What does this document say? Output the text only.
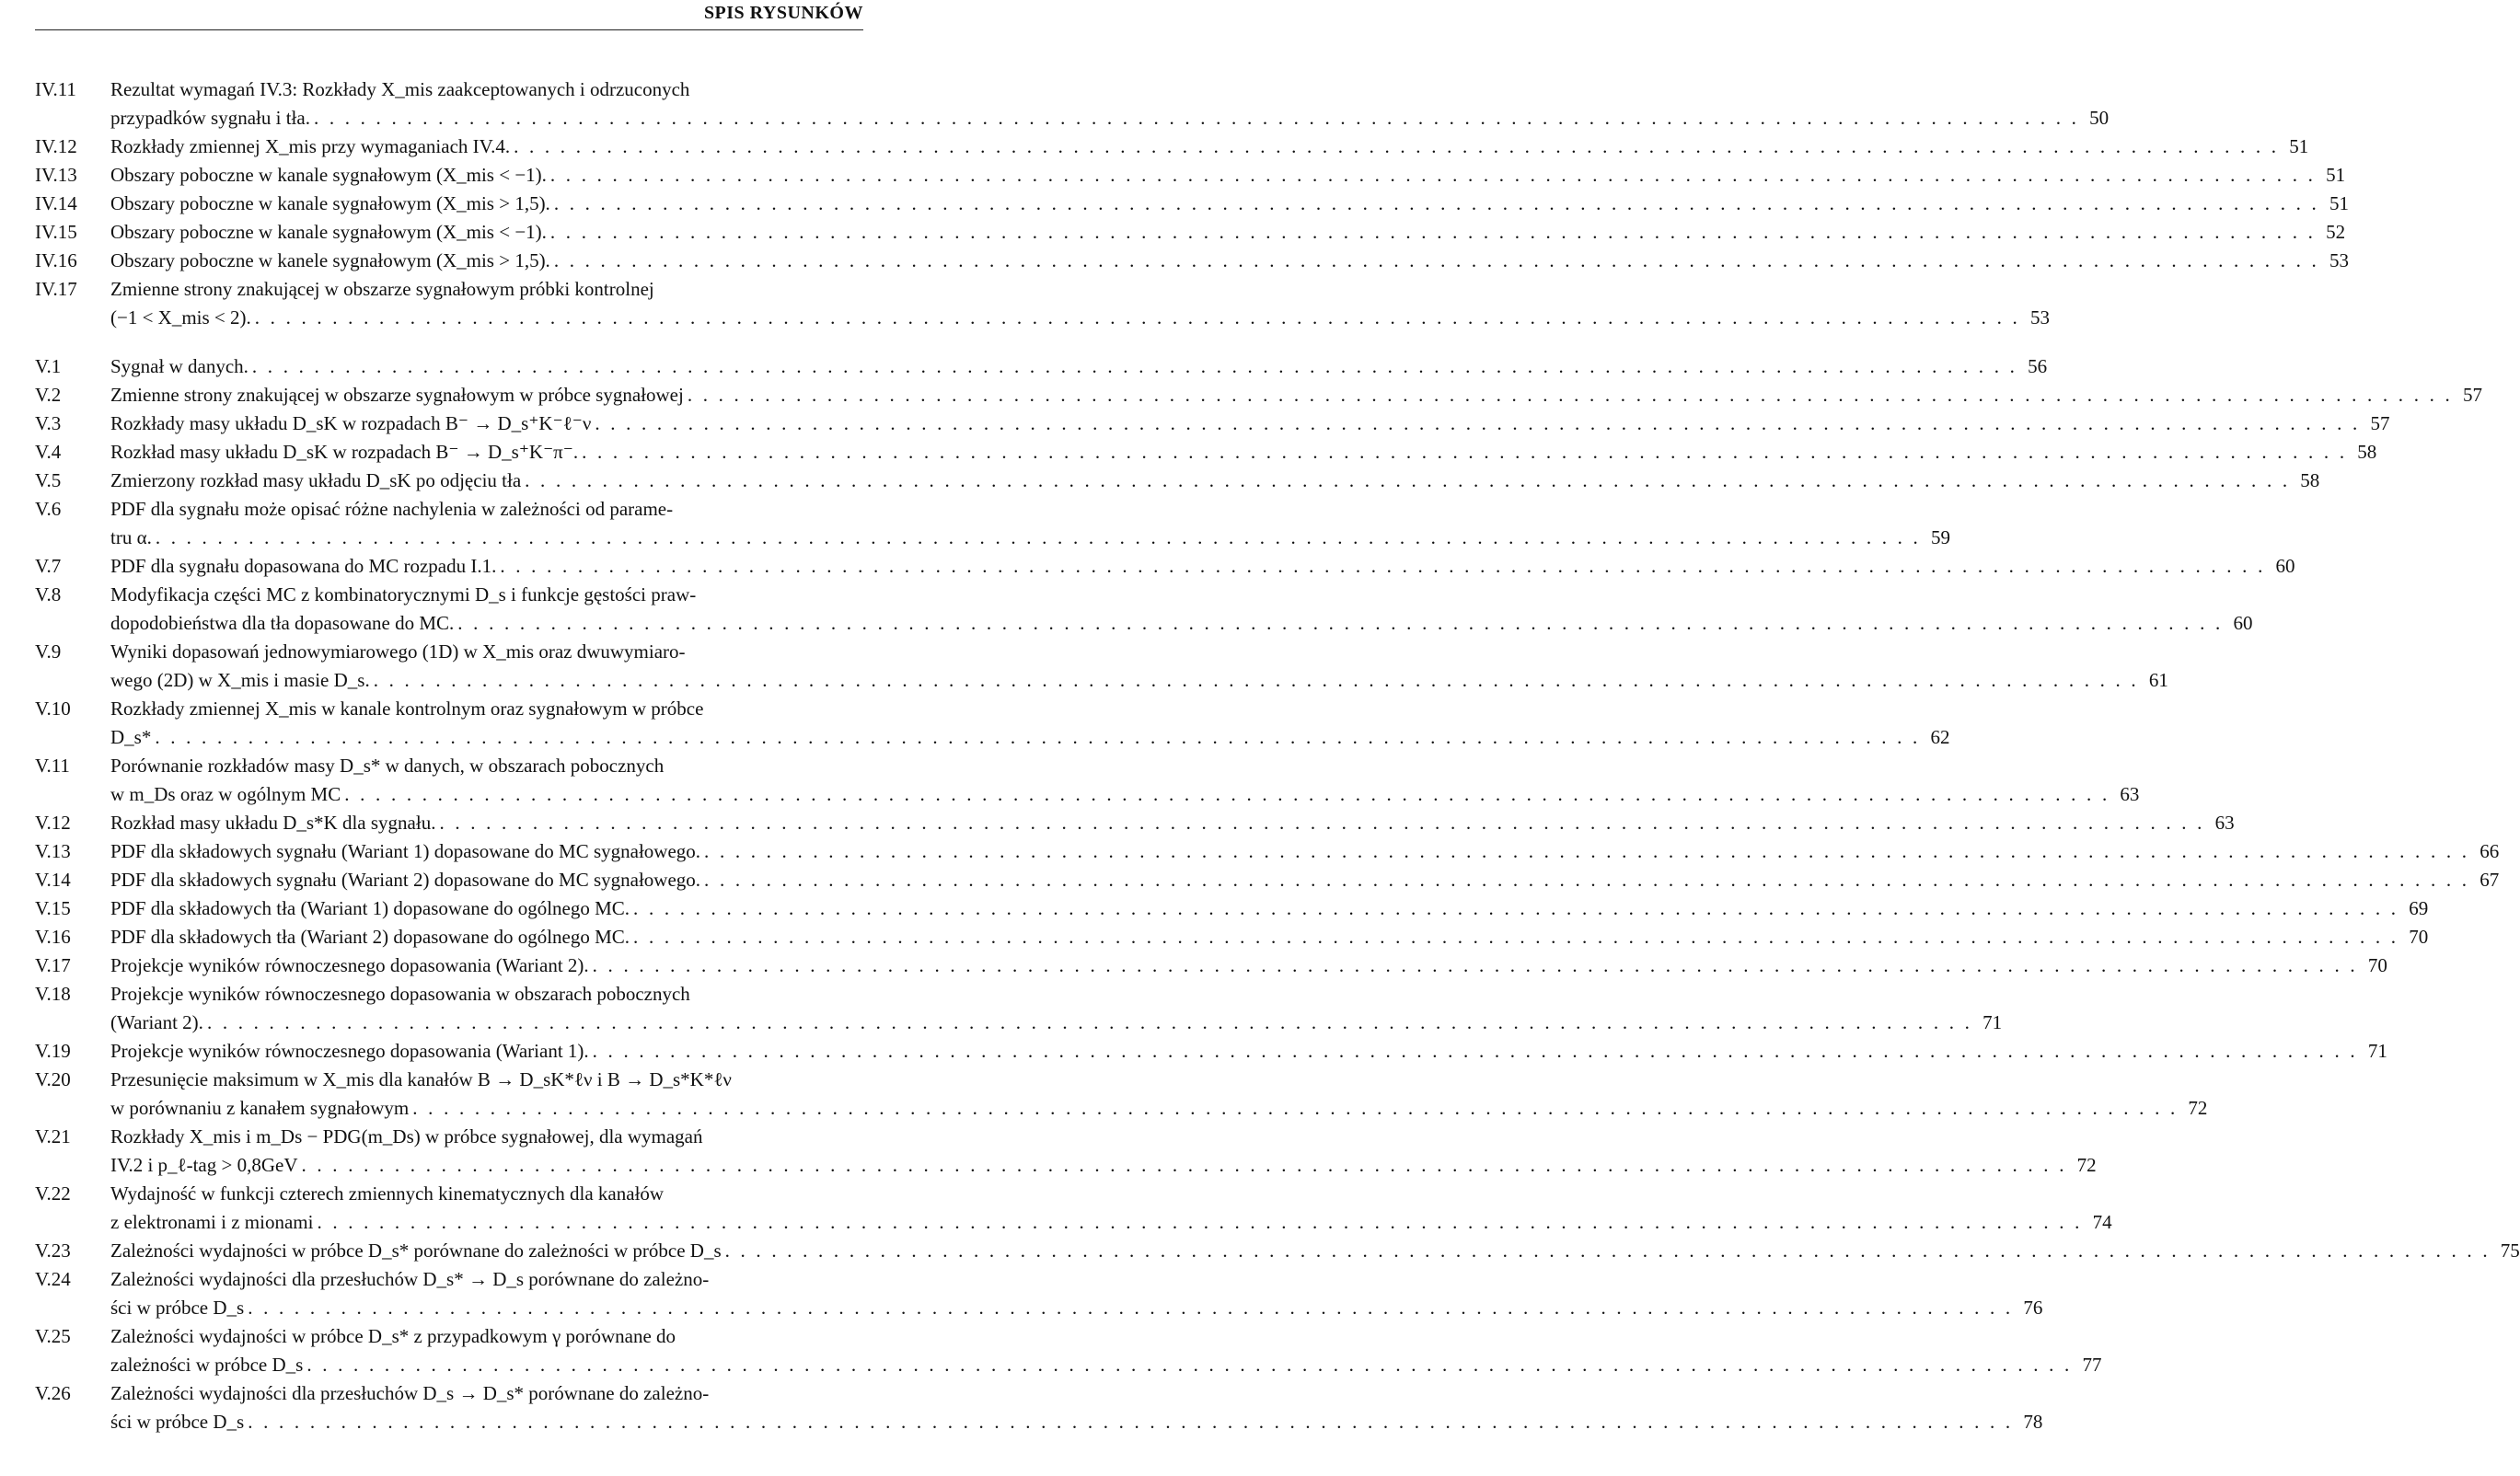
SPIS RYSUNKÓW
IV.11 Rezultat wymagań IV.3: Rozkłady X_mis zaakceptowanych i odrzuconych
przypadków sygnału i tła. . . .	50
IV.12 Rozkłady zmiennej X_mis przy wymaganiach IV.4. . . .	51
IV.13 Obszary poboczne w kanale sygnałowym (X_mis < −1). . . .	51
IV.14 Obszary poboczne w kanale sygnałowym (X_mis > 1,5). . . .	51
IV.15 Obszary poboczne w kanale sygnałowym (X_mis < −1). . . .	52
IV.16 Obszary poboczne w kanele sygnałowym (X_mis > 1,5). . . .	53
IV.17 Zmienne strony znakującej w obszarze sygnałowym próbki kontrolnej
(−1 < X_mis < 2). . . .	53
V.1	Sygnał w danych. . . .	56
V.2	Zmienne strony znakującej w obszarze sygnałowym w próbce sygnałowej . . .	57
V.3	Rozkłady masy układu D_sK w rozpadach B⁻ → D_s⁺K⁻ℓ⁻ν . . .	57
V.4	Rozkład masy układu D_sK w rozpadach B⁻ → D_s⁺K⁻π⁻. . . .	58
V.5	Zmierzony rozkład masy układu D_sK po odjęciu tła . . .	58
V.6	PDF dla sygnału może opisać różne nachylenia w zależności od parame-
tru α. . . .	59
V.7	PDF dla sygnału dopasowana do MC rozpadu I.1. . . .	60
V.8	Modyfikacja części MC z kombinatorycznymi D_s i funkcje gęstości praw-
dopodobieństwa dla tła dopasowane do MC. . . .	60
V.9	Wyniki dopasowań jednowymiarowego (1D) w X_mis oraz dwuwymiaro-
wego (2D) w X_mis i masie D_s. . . .	61
V.10 Rozkłady zmiennej X_mis w kanale kontrolnym oraz sygnałowym w próbce
D_s* . . .	62
V.11 Porównanie rozkładów masy D_s* w danych, w obszarach pobocznych
w m_Ds oraz w ogólnym MC . . .	63
V.12 Rozkład masy układu D_s*K dla sygnału. . . .	63
V.13 PDF dla składowych sygnału (Wariant 1) dopasowane do MC sygnałowego. . . .	66
V.14 PDF dla składowych sygnału (Wariant 2) dopasowane do MC sygnałowego. . . .	67
V.15 PDF dla składowych tła (Wariant 1) dopasowane do ogólnego MC. . . .	69
V.16 PDF dla składowych tła (Wariant 2) dopasowane do ogólnego MC. . . .	70
V.17 Projekcje wyników równoczesnego dopasowania (Wariant 2). . . .	70
V.18 Projekcje wyników równoczesnego dopasowania w obszarach pobocznych
(Wariant 2). . . .	71
V.19 Projekcje wyników równoczesnego dopasowania (Wariant 1). . . .	71
V.20 Przesunięcie maksimum w X_mis dla kanałów B → D_sK*ℓν i B → D_s*K*ℓν
w porównaniu z kanałem sygnałowym . . .	72
V.21 Rozkłady X_mis i m_Ds − PDG(m_Ds) w próbce sygnałowej, dla wymagań
IV.2 i p_ℓ-tag > 0,8GeV . . .	72
V.22 Wydajność w funkcji czterech zmiennych kinematycznych dla kanałów
z elektronami i z mionami . . .	74
V.23 Zależności wydajności w próbce D_s* porównane do zależności w próbce D_s . . .	75
V.24 Zależności wydajności dla przesłuchów D_s* → D_s porównane do zależno-
ści w próbce D_s . . .	76
V.25 Zależności wydajności w próbce D_s* z przypadkowym γ porównane do
zależności w próbce D_s . . .	77
V.26 Zależności wydajności dla przesłuchów D_s → D_s* porównane do zależno-
ści w próbce D_s . . .	78
